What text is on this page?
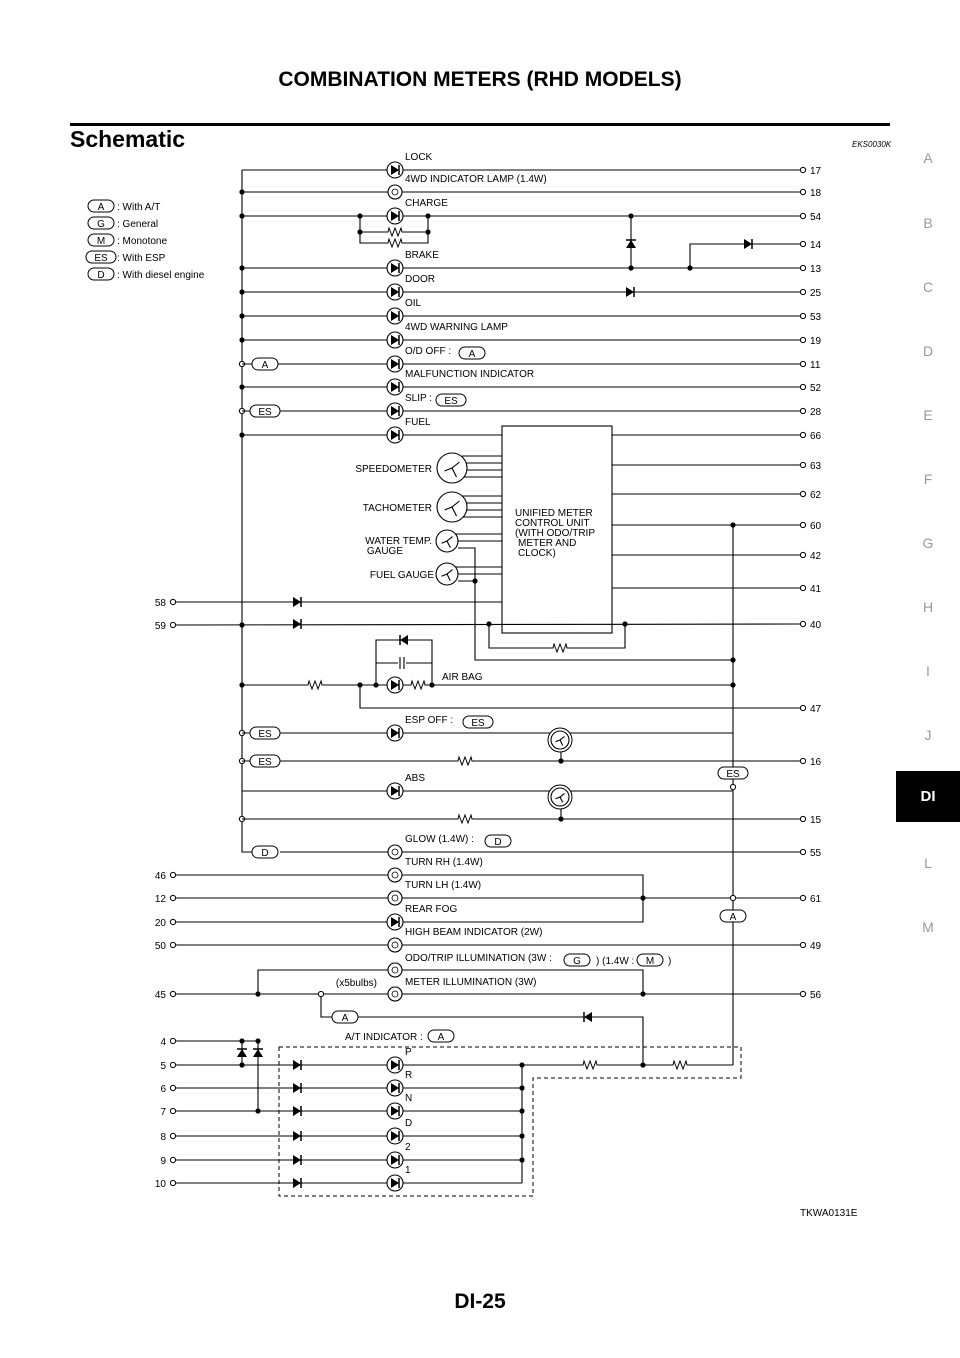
COMBINATION METERS (RHD MODELS)
Schematic	EKS0030K
A
B
C
D
E
F
G
H
I
J
DI
L
M
DI-25
A : With A/T
G : General
M : Monotone
ES : With ESP
D : With diesel engine
17
18
54
14
13
25
53
19
11
52
28
66
63
62
60
42
41
40
47
16
15
55
61
49
56
58
59
46
12
20
50
45
4
5
6
7
8
9
10
A
ES
LOCK
4WD INDICATOR LAMP (1.4W)
CHARGE
BRAKE
DOOR
OIL
4WD WARNING LAMP
O/D OFF :
MALFUNCTION INDICATOR
SLIP :
FUEL
A
ES
UNIFIED METER
CONTROL UNIT
(WITH ODO/TRIP
METER AND
CLOCK)
SPEEDOMETER
TACHOMETER
WATER TEMP.
GAUGE
FUEL GAUGE
AIR BAG
ES
ESP OFF : ES
ES
ES
ABS
D
GLOW (1.4W) : D
TURN RH (1.4W)
TURN LH (1.4W)
REAR FOG
A
HIGH BEAM INDICATOR (2W)
ODO/TRIP ILLUMINATION (3W : G ) (1.4W : M )
METER ILLUMINATION (3W)
(x5bulbs)
A
A/T INDICATOR : A
P
R
N
D
2
1
TKWA0131E
